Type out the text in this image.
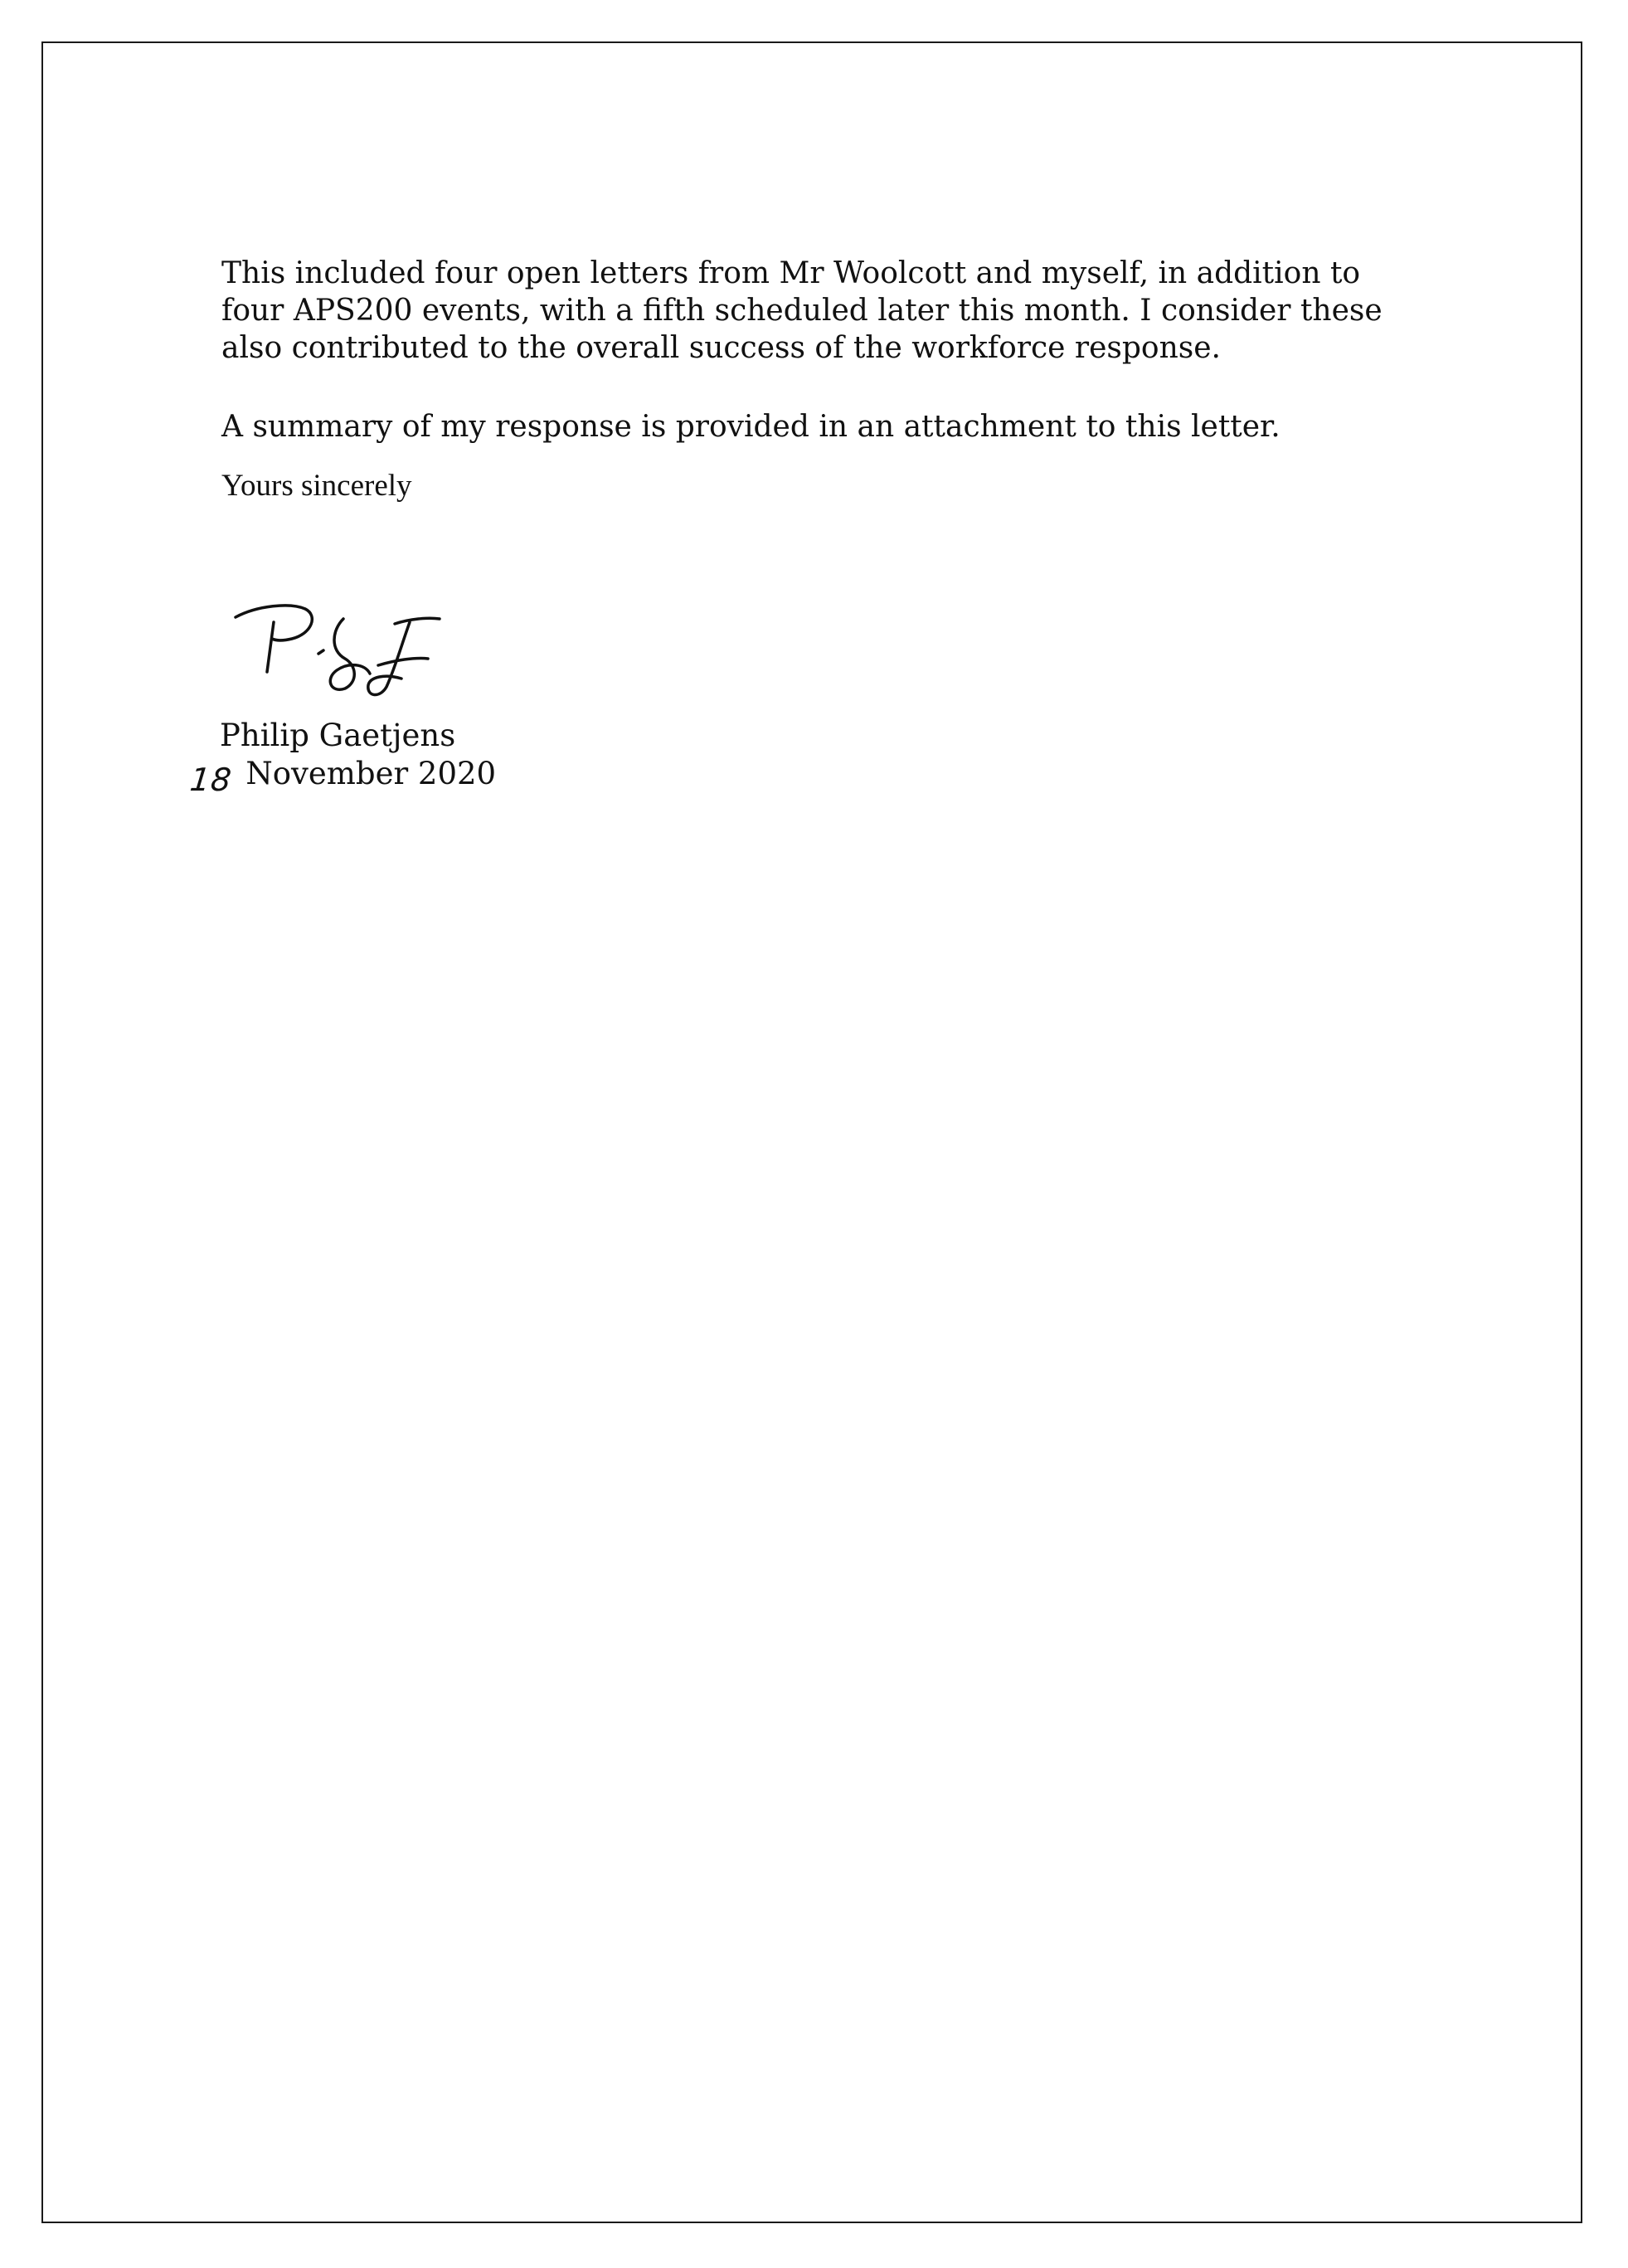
This included four open letters from Mr Woolcott and myself, in addition to four APS200 events, with a fifth scheduled later this month. I consider these also contributed to the overall success of the workforce response.

A summary of my response is provided in an attachment to this letter.

Yours sincerely

Philip Gaetjens

18 November 2020
